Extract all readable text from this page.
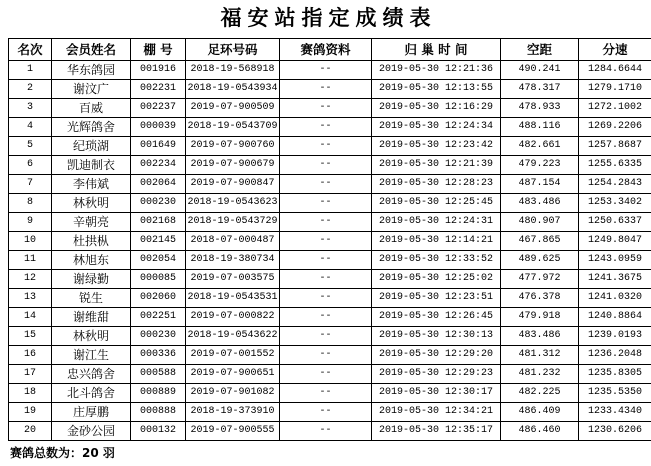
福安站指定成绩表
名次	会员姓名	棚 号	足环号码	赛鸽资料	归 巢 时 间	空距	分速
1	华东鸽园	001916	2018-19-568918	--	2019-05-30 12:21:36	490.241	1284.6644
2	谢汶广	002231	2018-19-0543934	--	2019-05-30 12:13:55	478.317	1279.1710
3	百威	002237	2019-07-900509	--	2019-05-30 12:16:29	478.933	1272.1002
4	光辉鸽舍	000039	2018-19-0543709	--	2019-05-30 12:24:34	488.116	1269.2206
5	纪琐湖	001649	2019-07-900760	--	2019-05-30 12:23:42	482.661	1257.8687
6	凯迪制衣	002234	2019-07-900679	--	2019-05-30 12:21:39	479.223	1255.6335
7	李伟斌	002064	2019-07-900847	--	2019-05-30 12:28:23	487.154	1254.2843
8	林秋明	000230	2018-19-0543623	--	2019-05-30 12:25:45	483.486	1253.3402
9	辛朝亮	002168	2018-19-0543729	--	2019-05-30 12:24:31	480.907	1250.6337
10	杜拱枞	002145	2018-07-000487	--	2019-05-30 12:14:21	467.865	1249.8047
11	林旭东	002054	2018-19-380734	--	2019-05-30 12:33:52	489.625	1243.0959
12	谢绿勤	000085	2019-07-003575	--	2019-05-30 12:25:02	477.972	1241.3675
13	锐生	002060	2018-19-0543531	--	2019-05-30 12:23:51	476.378	1241.0320
14	谢维甜	002251	2019-07-000822	--	2019-05-30 12:26:45	479.918	1240.8864
15	林秋明	000230	2018-19-0543622	--	2019-05-30 12:30:13	483.486	1239.0193
16	谢江生	000336	2019-07-001552	--	2019-05-30 12:29:20	481.312	1236.2048
17	忠兴鸽舍	000588	2019-07-900651	--	2019-05-30 12:29:23	481.232	1235.8305
18	北斗鸽舍	000889	2019-07-901082	--	2019-05-30 12:30:17	482.225	1235.5350
19	庄厚鹏	000888	2018-19-373910	--	2019-05-30 12:34:21	486.409	1233.4340
20	金砂公园	000132	2019-07-900555	--	2019-05-30 12:35:17	486.460	1230.6206
赛鸽总数为：20 羽
